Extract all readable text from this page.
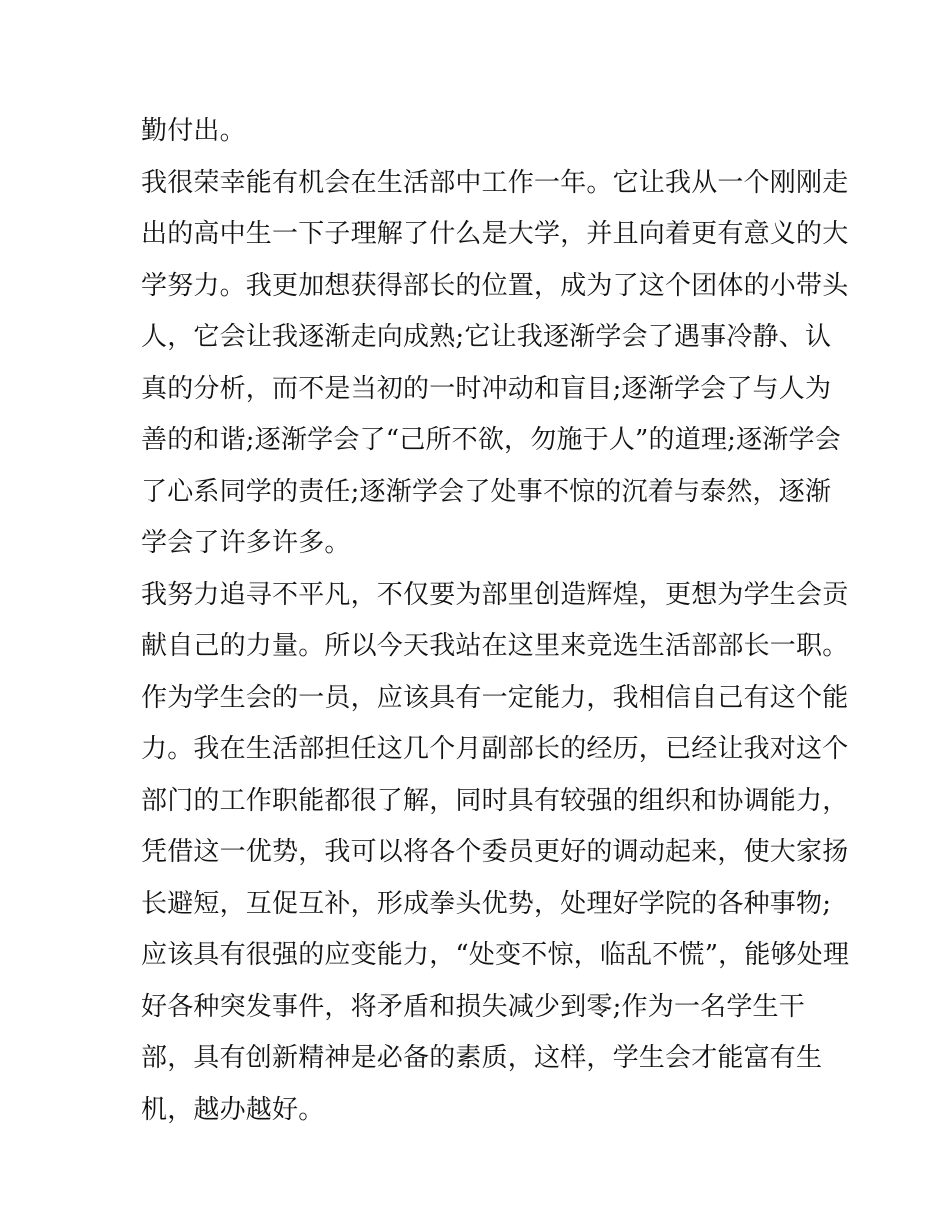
勤付出。
我很荣幸能有机会在生活部中工作一年。它让我从一个刚刚走
出的高中生一下子理解了什么是大学，并且向着更有意义的大
学努力。我更加想获得部长的位置，成为了这个团体的小带头
人，它会让我逐渐走向成熟;它让我逐渐学会了遇事冷静、认
真的分析，而不是当初的一时冲动和盲目;逐渐学会了与人为
善的和谐;逐渐学会了“己所不欲，勿施于人”的道理;逐渐学会
了心系同学的责任;逐渐学会了处事不惊的沉着与泰然，逐渐
学会了许多许多。
我努力追寻不平凡，不仅要为部里创造辉煌，更想为学生会贡
献自己的力量。所以今天我站在这里来竞选生活部部长一职。
作为学生会的一员，应该具有一定能力，我相信自己有这个能
力。我在生活部担任这几个月副部长的经历，已经让我对这个
部门的工作职能都很了解，同时具有较强的组织和协调能力，
凭借这一优势，我可以将各个委员更好的调动起来，使大家扬
长避短，互促互补，形成拳头优势，处理好学院的各种事物;
应该具有很强的应变能力，“处变不惊，临乱不慌”，能够处理
好各种突发事件，将矛盾和损失减少到零;作为一名学生干
部，具有创新精神是必备的素质，这样，学生会才能富有生
机，越办越好。
